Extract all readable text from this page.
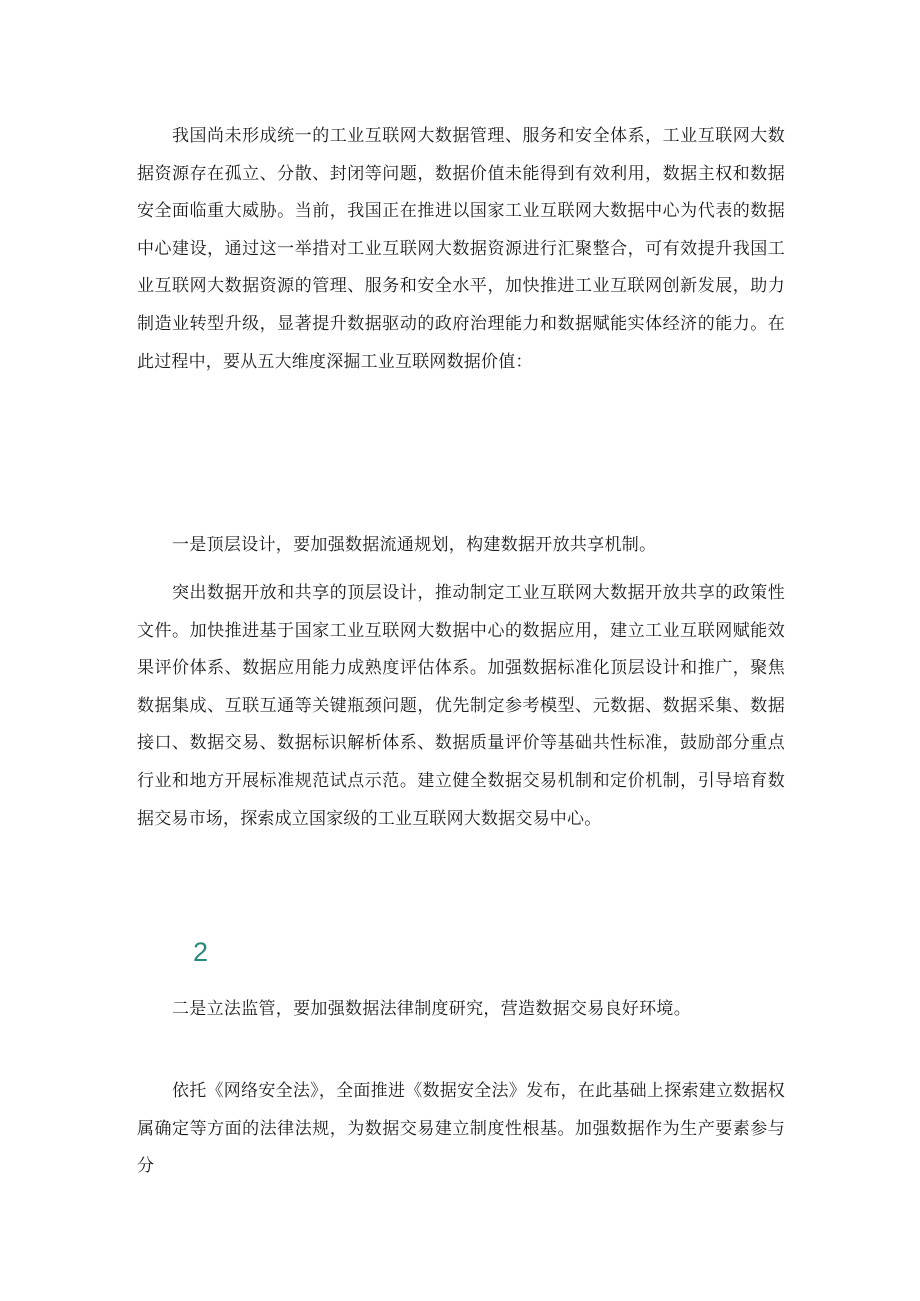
我国尚未形成统一的工业互联网大数据管理、服务和安全体系，工业互联网大数据资源存在孤立、分散、封闭等问题，数据价值未能得到有效利用，数据主权和数据安全面临重大威胁。当前，我国正在推进以国家工业互联网大数据中心为代表的数据中心建设，通过这一举措对工业互联网大数据资源进行汇聚整合，可有效提升我国工业互联网大数据资源的管理、服务和安全水平，加快推进工业互联网创新发展，助力制造业转型升级，显著提升数据驱动的政府治理能力和数据赋能实体经济的能力。在此过程中，要从五大维度深掘工业互联网数据价值：

一是顶层设计，要加强数据流通规划，构建数据开放共享机制。

突出数据开放和共享的顶层设计，推动制定工业互联网大数据开放共享的政策性文件。加快推进基于国家工业互联网大数据中心的数据应用，建立工业互联网赋能效果评价体系、数据应用能力成熟度评估体系。加强数据标准化顶层设计和推广，聚焦数据集成、互联互通等关键瓶颈问题，优先制定参考模型、元数据、数据采集、数据接口、数据交易、数据标识解析体系、数据质量评价等基础共性标准，鼓励部分重点行业和地方开展标准规范试点示范。建立健全数据交易机制和定价机制，引导培育数据交易市场，探索成立国家级的工业互联网大数据交易中心。

2

二是立法监管，要加强数据法律制度研究，营造数据交易良好环境。

依托《网络安全法》，全面推进《数据安全法》发布，在此基础上探索建立数据权属确定等方面的法律法规，为数据交易建立制度性根基。加强数据作为生产要素参与分
